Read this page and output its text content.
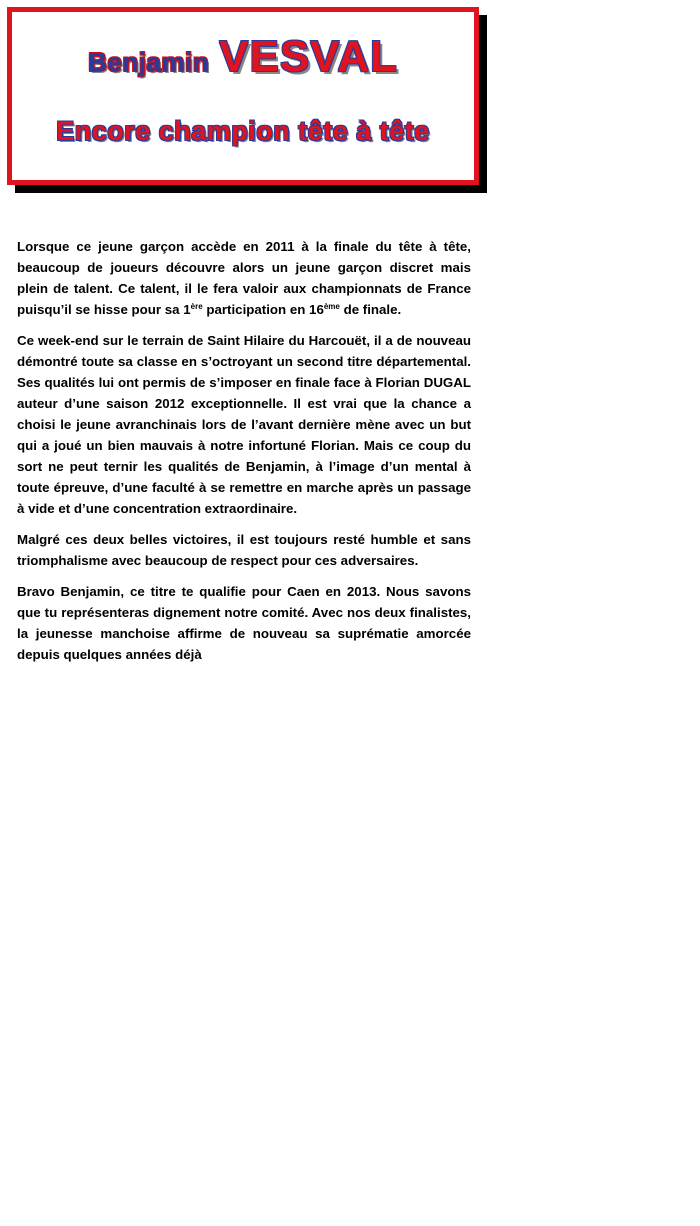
Benjamin VESVAL
Encore champion tête à tête

Lorsque ce jeune garçon accède en 2011 à la finale du tête à tête, beaucoup de joueurs découvre alors un jeune garçon discret mais plein de talent. Ce talent, il le fera valoir aux championnats de France puisqu’il se hisse pour sa 1ère participation en 16ème de finale.

Ce week-end sur le terrain de Saint Hilaire du Harcouët, il a de nouveau démontré toute sa classe en s’octroyant un second titre départemental. Ses qualités lui ont permis de s’imposer en finale face à Florian DUGAL auteur d’une saison 2012 exceptionnelle. Il est vrai que la chance a choisi le jeune avranchinais lors de l’avant dernière mène avec un but qui a joué un bien mauvais à notre infortuné Florian. Mais ce coup du sort ne peut ternir les qualités de Benjamin, à l’image d’un mental à toute épreuve, d’une faculté à se remettre en marche après un passage à vide et d’une concentration extraordinaire.

Malgré ces deux belles victoires, il est toujours resté humble et sans triomphalisme avec beaucoup de respect pour ces adversaires.

Bravo Benjamin, ce titre te qualifie pour Caen en 2013. Nous savons que tu représenteras dignement notre comité. Avec nos deux finalistes, la jeunesse manchoise affirme de nouveau sa suprématie amorcée depuis quelques années déjà
